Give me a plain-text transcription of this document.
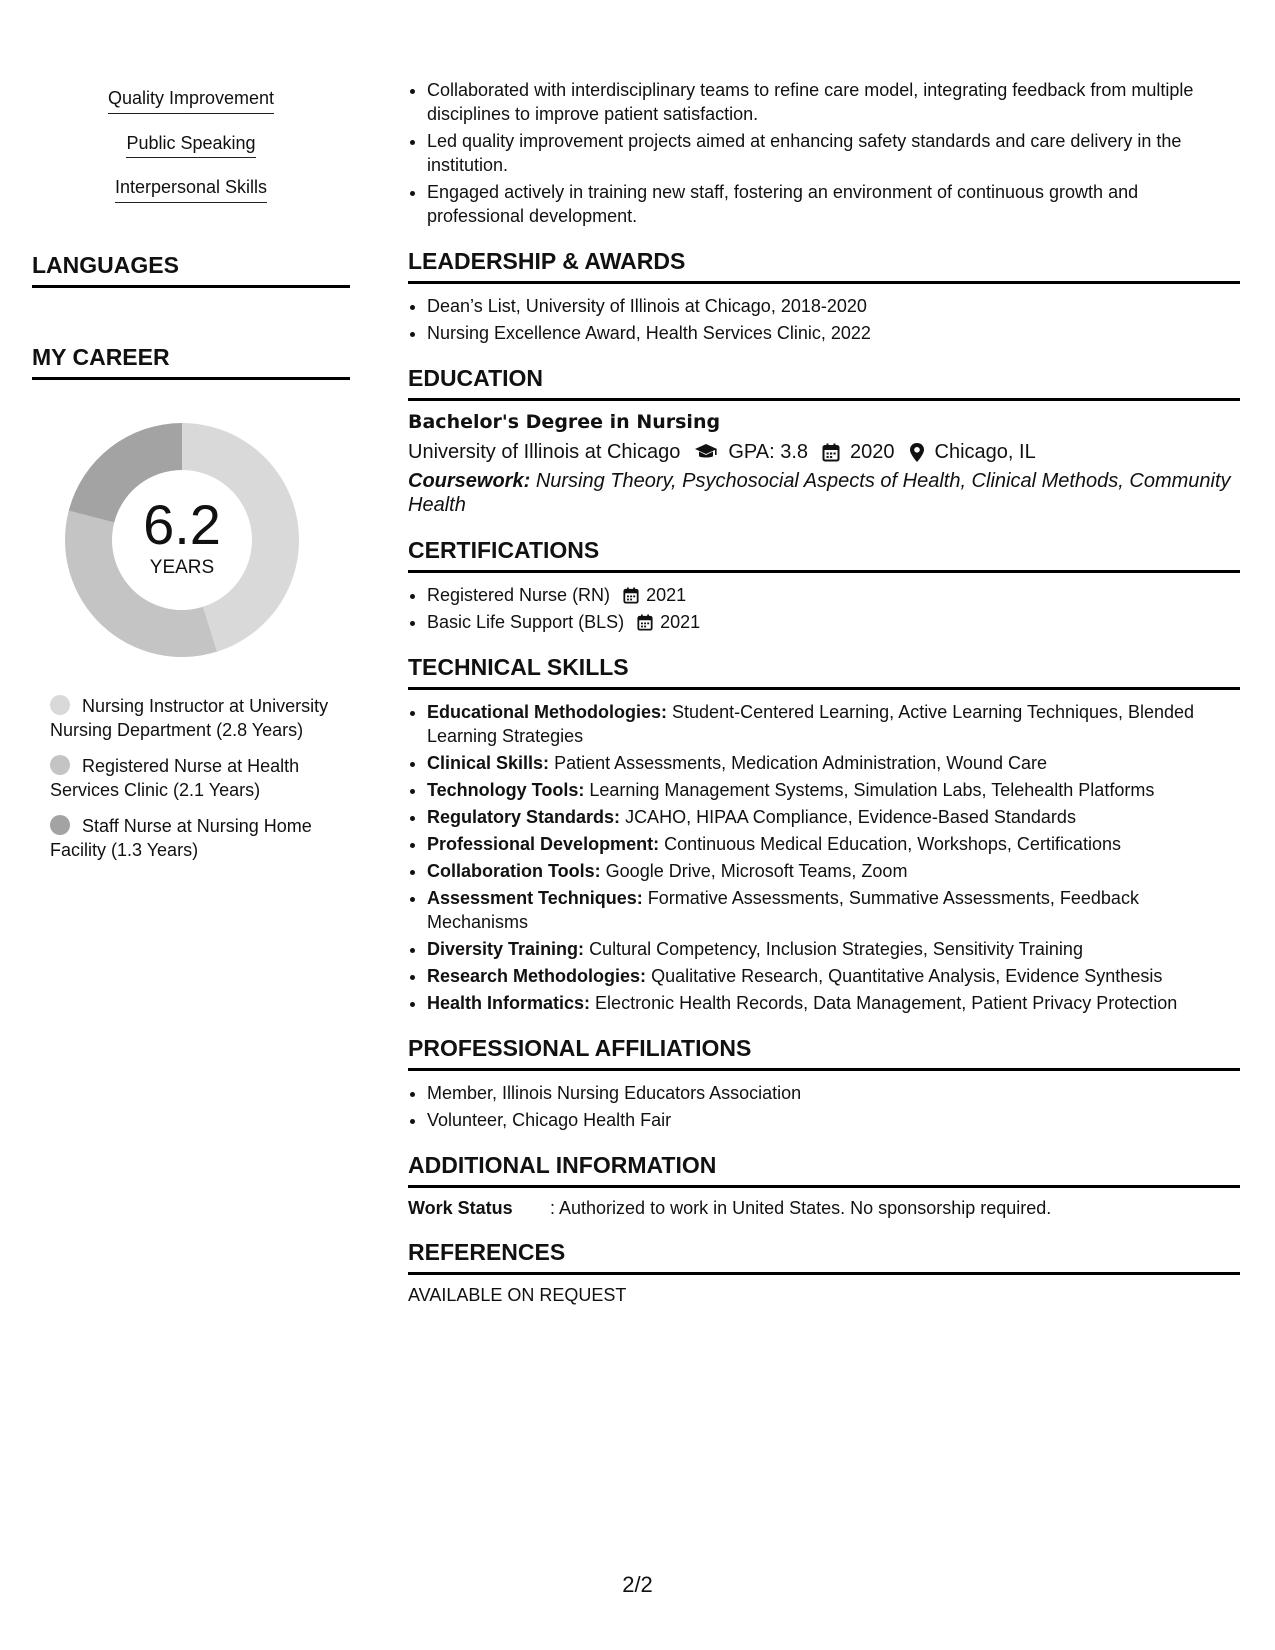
Quality Improvement
Public Speaking
Interpersonal Skills
LANGUAGES
MY CAREER
6.2
YEARS
Nursing Instructor at University Nursing Department (2.8 Years)
Registered Nurse at Health Services Clinic (2.1 Years)
Staff Nurse at Nursing Home Facility (1.3 Years)
• Collaborated with interdisciplinary teams to refine care model, integrating feedback from multiple disciplines to improve patient satisfaction.
• Led quality improvement projects aimed at enhancing safety standards and care delivery in the institution.
• Engaged actively in training new staff, fostering an environment of continuous growth and professional development.
LEADERSHIP & AWARDS
• Dean’s List, University of Illinois at Chicago, 2018-2020
• Nursing Excellence Award, Health Services Clinic, 2022
EDUCATION
Bachelor's Degree in Nursing
University of Illinois at Chicago GPA: 3.8 2020 Chicago, IL
Coursework: Nursing Theory, Psychosocial Aspects of Health, Clinical Methods, Community Health
CERTIFICATIONS
• Registered Nurse (RN) 2021
• Basic Life Support (BLS) 2021
TECHNICAL SKILLS
• Educational Methodologies: Student-Centered Learning, Active Learning Techniques, Blended Learning Strategies
• Clinical Skills: Patient Assessments, Medication Administration, Wound Care
• Technology Tools: Learning Management Systems, Simulation Labs, Telehealth Platforms
• Regulatory Standards: JCAHO, HIPAA Compliance, Evidence-Based Standards
• Professional Development: Continuous Medical Education, Workshops, Certifications
• Collaboration Tools: Google Drive, Microsoft Teams, Zoom
• Assessment Techniques: Formative Assessments, Summative Assessments, Feedback Mechanisms
• Diversity Training: Cultural Competency, Inclusion Strategies, Sensitivity Training
• Research Methodologies: Qualitative Research, Quantitative Analysis, Evidence Synthesis
• Health Informatics: Electronic Health Records, Data Management, Patient Privacy Protection
PROFESSIONAL AFFILIATIONS
• Member, Illinois Nursing Educators Association
• Volunteer, Chicago Health Fair
ADDITIONAL INFORMATION
Work Status	: Authorized to work in United States. No sponsorship required.
REFERENCES
AVAILABLE ON REQUEST
2/2
